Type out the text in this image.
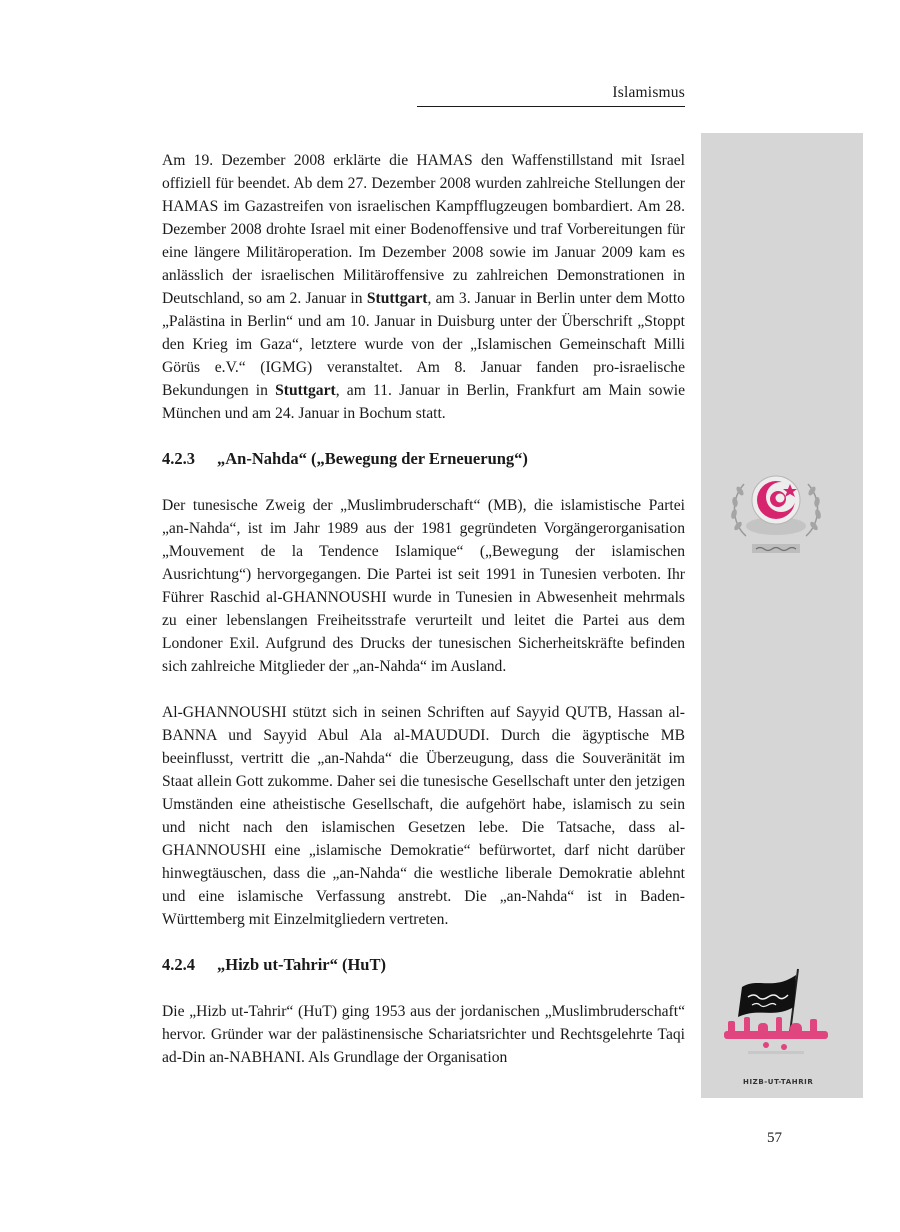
Islamismus
HIZB-UT-TAHRIR

Am 19. Dezember 2008 erklärte die HAMAS den Waffenstillstand mit Israel offiziell für beendet. Ab dem 27. Dezember 2008 wurden zahlreiche Stellungen der HAMAS im Gazastreifen von israelischen Kampfflugzeugen bombardiert. Am 28. Dezember 2008 drohte Israel mit einer Bodenoffensive und traf Vorbereitungen für eine längere Militäroperation. Im Dezember 2008 sowie im Januar 2009 kam es anlässlich der israelischen Militäroffensive zu zahlreichen Demonstrationen in Deutschland, so am 2. Januar in Stuttgart, am 3. Januar in Berlin unter dem Motto „Palästina in Berlin“ und am 10. Januar in Duisburg unter der Überschrift „Stoppt den Krieg im Gaza“, letztere wurde von der „Islamischen Gemeinschaft Milli Görüs e.V.“ (IGMG) veranstaltet. Am 8. Januar fanden pro-israelische Bekundungen in Stuttgart, am 11. Januar in Berlin, Frankfurt am Main sowie München und am 24. Januar in Bochum statt.

4.2.3	„An-Nahda“ („Bewegung der Erneuerung“)

Der tunesische Zweig der „Muslimbruderschaft“ (MB), die islamistische Partei „an-Nahda“, ist im Jahr 1989 aus der 1981 gegründeten Vorgängerorganisation „Mouvement de la Tendence Islamique“ („Bewegung der islamischen Ausrichtung“) hervorgegangen. Die Partei ist seit 1991 in Tunesien verboten. Ihr Führer Raschid al-GHANNOUSHI wurde in Tunesien in Abwesenheit mehrmals zu einer lebenslangen Freiheitsstrafe verurteilt und leitet die Partei aus dem Londoner Exil. Aufgrund des Drucks der tunesischen Sicherheitskräfte befinden sich zahlreiche Mitglieder der „an-Nahda“ im Ausland.

Al-GHANNOUSHI stützt sich in seinen Schriften auf Sayyid QUTB, Hassan al-BANNA und Sayyid Abul Ala al-MAUDUDI. Durch die ägyptische MB beeinflusst, vertritt die „an-Nahda“ die Überzeugung, dass die Souveränität im Staat allein Gott zukomme. Daher sei die tunesische Gesellschaft unter den jetzigen Umständen eine atheistische Gesellschaft, die aufgehört habe, islamisch zu sein und nicht nach den islamischen Gesetzen lebe. Die Tatsache, dass al-GHANNOUSHI eine „islamische Demokratie“ befürwortet, darf nicht darüber hinwegtäuschen, dass die „an-Nahda“ die westliche liberale Demokratie ablehnt und eine islamische Verfassung anstrebt. Die „an-Nahda“ ist in Baden-Württemberg mit Einzelmitgliedern vertreten.

4.2.4	„Hizb ut-Tahrir“ (HuT)

Die „Hizb ut-Tahrir“ (HuT) ging 1953 aus der jordanischen „Muslimbruderschaft“ hervor. Gründer war der palästinensische Schariatsrichter und Rechtsgelehrte Taqi ad-Din an-NABHANI. Als Grundlage der Organisation

57
